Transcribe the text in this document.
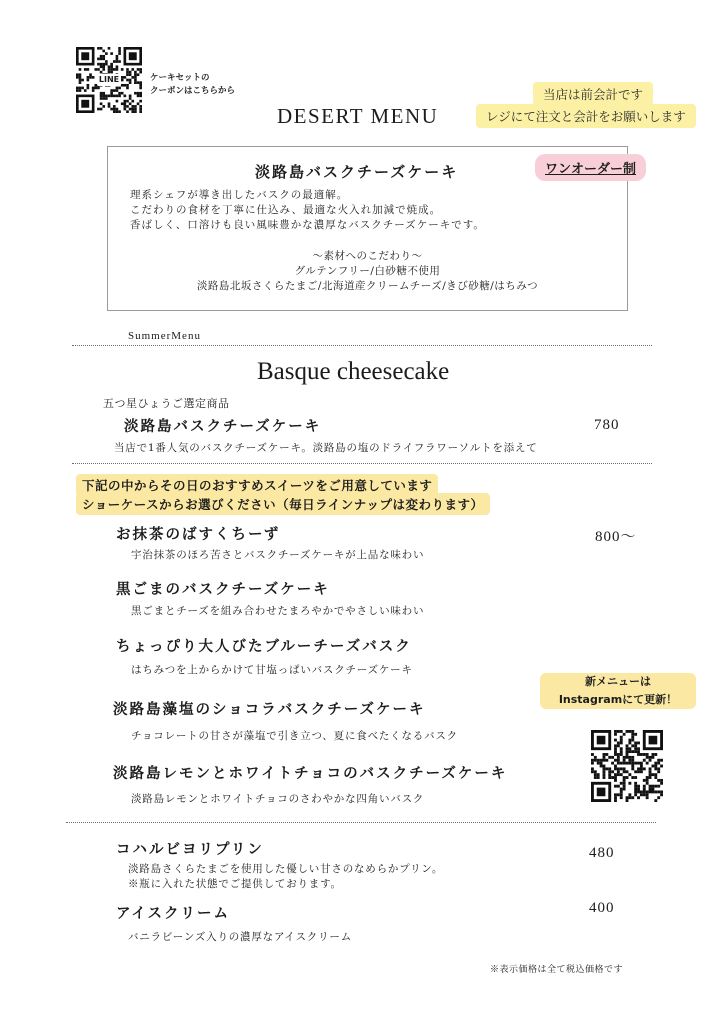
LINE	ケーキセットの
クーポンはこちらから
DESERT MENU
当店は前会計です
レジにて注文と会計をお願いします
ワンオーダー制
淡路島バスクチーズケーキ
理系シェフが導き出したバスクの最適解。
こだわりの食材を丁寧に仕込み、最適な火入れ加減で焼成。
香ばしく、口溶けも良い風味豊かな濃厚なバスクチーズケーキです。
～素材へのこだわり～
グルテンフリー/白砂糖不使用
淡路島北坂さくらたまご/北海道産クリームチーズ/きび砂糖/はちみつ
SummerMenu
Basque cheesecake
五つ星ひょうご選定商品
淡路島バスクチーズケーキ	780
当店で1番人気のバスクチーズケーキ。淡路島の塩のドライフラワーソルトを添えて
下記の中からその日のおすすめスイーツをご用意しています
ショーケースからお選びください（毎日ラインナップは変わります）
お抹茶のばすくちーず	800～
宇治抹茶のほろ苦さとバスクチーズケーキが上品な味わい
黒ごまのバスクチーズケーキ
黒ごまとチーズを組み合わせたまろやかでやさしい味わい
ちょっぴり大人びたブルーチーズバスク
はちみつを上からかけて甘塩っぱいバスクチーズケーキ
淡路島藻塩のショコラバスクチーズケーキ
チョコレートの甘さが藻塩で引き立つ、夏に食べたくなるバスク
淡路島レモンとホワイトチョコのバスクチーズケーキ
淡路島レモンとホワイトチョコのさわやかな四角いバスク
新メニューは
Instagramにて更新！
コハルビヨリプリン	480
淡路島さくらたまごを使用した優しい甘さのなめらかプリン。
※瓶に入れた状態でご提供しております。
アイスクリーム	400
バニラビーンズ入りの濃厚なアイスクリーム
※表示価格は全て税込価格です
